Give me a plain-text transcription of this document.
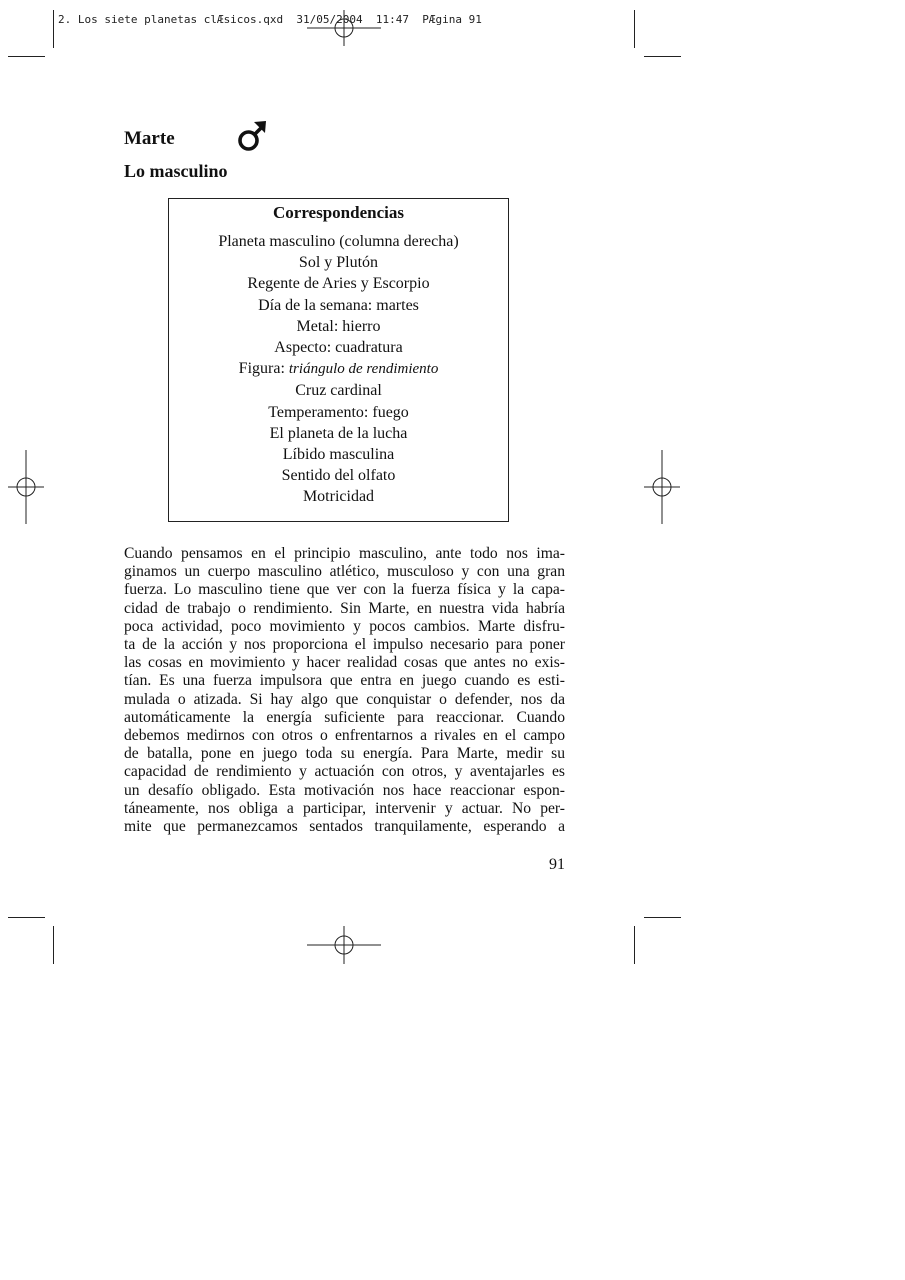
2. Los siete planetas clÆsicos.qxd  31/05/2004  11:47  PÆgina 91
Marte
Lo masculino
Correspondencias
Planeta masculino (columna derecha)
Sol y Plutón
Regente de Aries y Escorpio
Día de la semana: martes
Metal: hierro
Aspecto: cuadratura
Figura: triángulo de rendimiento
Cruz cardinal
Temperamento: fuego
El planeta de la lucha
Líbido masculina
Sentido del olfato
Motricidad
Cuando pensamos en el principio masculino, ante todo nos ima-
ginamos un cuerpo masculino atlético, musculoso y con una gran
fuerza. Lo masculino tiene que ver con la fuerza física y la capa-
cidad de trabajo o rendimiento. Sin Marte, en nuestra vida habría
poca actividad, poco movimiento y pocos cambios. Marte disfru-
ta de la acción y nos proporciona el impulso necesario para poner
las cosas en movimiento y hacer realidad cosas que antes no exis-
tían. Es una fuerza impulsora que entra en juego cuando es esti-
mulada o atizada. Si hay algo que conquistar o defender, nos da
automáticamente la energía suficiente para reaccionar. Cuando
debemos medirnos con otros o enfrentarnos a rivales en el campo
de batalla, pone en juego toda su energía. Para Marte, medir su
capacidad de rendimiento y actuación con otros, y aventajarles es
un desafío obligado. Esta motivación nos hace reaccionar espon-
táneamente, nos obliga a participar, intervenir y actuar. No per-
mite que permanezcamos sentados tranquilamente, esperando a
91
